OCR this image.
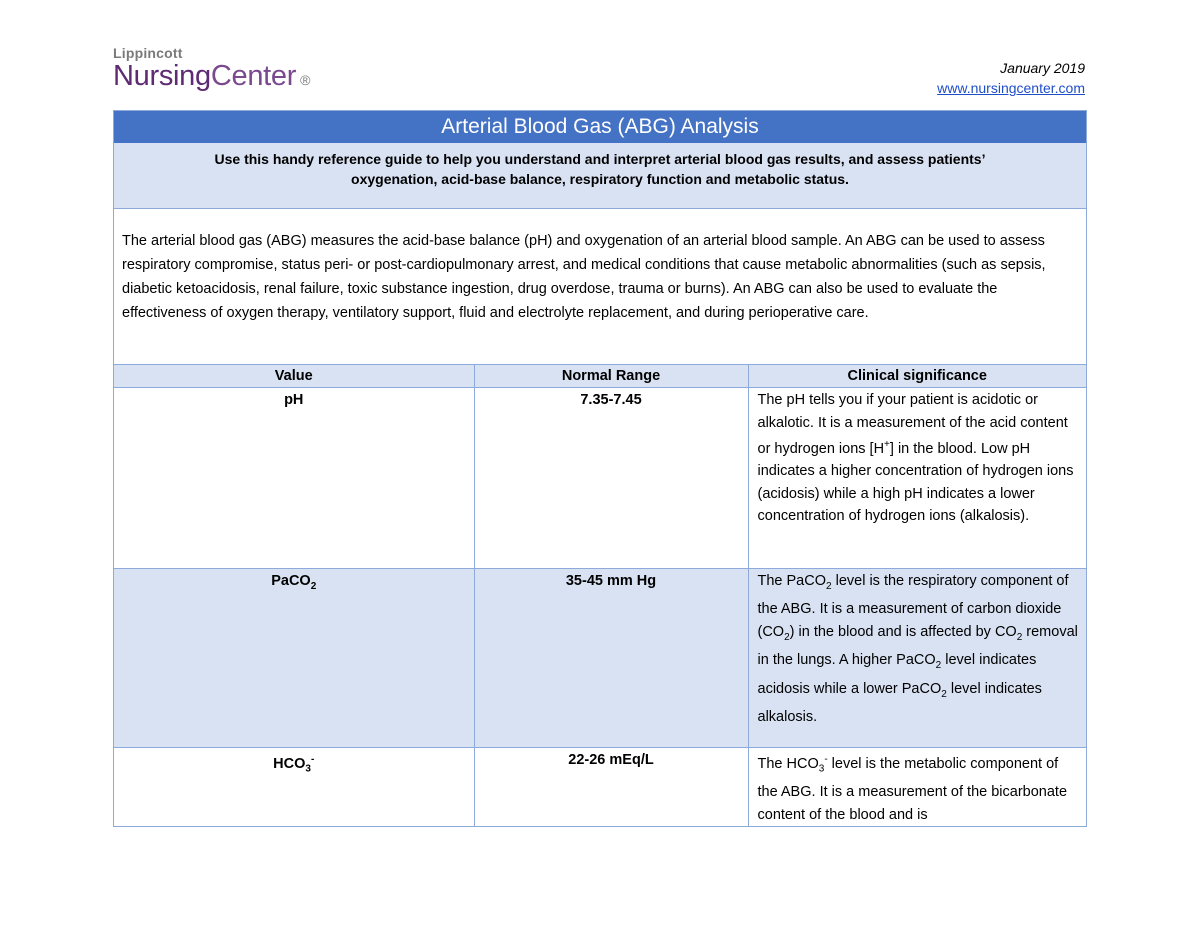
Lippincott
NursingCenter ®
January 2019
www.nursingcenter.com
Arterial Blood Gas (ABG) Analysis
Use this handy reference guide to help you understand and interpret arterial blood gas results, and assess patients’
oxygenation, acid-base balance, respiratory function and metabolic status.
The arterial blood gas (ABG) measures the acid-base balance (pH) and oxygenation of an arterial blood sample. An ABG can be used to assess respiratory compromise, status peri- or post-cardiopulmonary arrest, and medical conditions that cause metabolic abnormalities (such as sepsis, diabetic ketoacidosis, renal failure, toxic substance ingestion, drug overdose, trauma or burns). An ABG can also be used to evaluate the effectiveness of oxygen therapy, ventilatory support, fluid and electrolyte replacement, and during perioperative care.
Value	Normal Range	Clinical significance

pH	7.35-7.45	The pH tells you if your patient is acidotic or alkalotic. It is a measurement of the acid content or hydrogen ions [H+] in the blood. Low pH indicates a higher concentration of hydrogen ions (acidosis) while a high pH indicates a lower concentration of hydrogen ions (alkalosis).

PaCO$_2$	35-45 mm Hg	The PaCO$_2$ level is the respiratory component of the ABG. It is a measurement of carbon dioxide $(CO_2)$ in the blood and is affected by $CO_2$ removal in the lungs. A higher PaCO$_2$ level indicates acidosis while a lower PaCO$_2$ level indicates alkalosis.

$HCO_3^-$	22-26 mEq/L	The $HCO_3^-$ level is the metabolic component of the ABG. It is a measurement of the bicarbonate content of the blood and is
